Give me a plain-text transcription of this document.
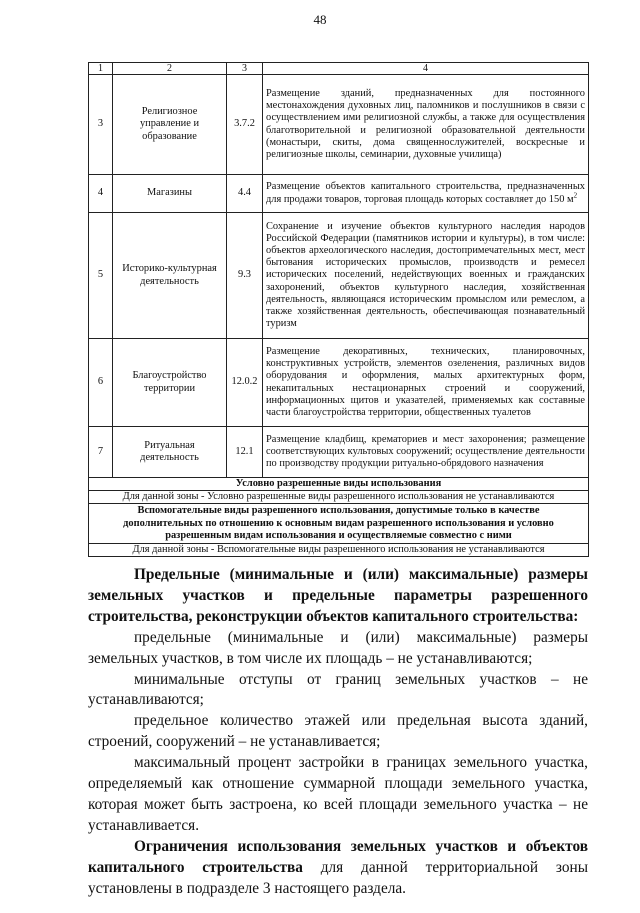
48
1	2	3	4
3	Религиозное управление и образование	3.7.2	Размещение зданий, предназначенных для постоянного местонахождения духовных лиц, паломников и послушников в связи с осуществлением ими религиозной службы, а также для осуществления благотворительной и религиозной образовательной деятельности (монастыри, скиты, дома священнослужителей, воскресные и религиозные школы, семинарии, духовные училища)
4	Магазины	4.4	Размещение объектов капитального строительства, предназначенных для продажи товаров, торговая площадь которых составляет до 150 $м^2$
5	Историко-культурная деятельность	9.3	Сохранение и изучение объектов культурного наследия народов Российской Федерации (памятников истории и культуры), в том числе: объектов археологического наследия, достопримечательных мест, мест бытования исторических промыслов, производств и ремесел исторических поселений, недействующих военных и гражданских захоронений, объектов культурного наследия, хозяйственная деятельность, являющаяся историческим промыслом или ремеслом, а также хозяйственная деятельность, обеспечивающая познавательный туризм
6	Благоустройство территории	12.0.2	Размещение декоративных, технических, планировочных, конструктивных устройств, элементов озеленения, различных видов оборудования и оформления, малых архитектурных форм, некапитальных нестационарных строений и сооружений, информационных щитов и указателей, применяемых как составные части благоустройства территории, общественных туалетов
7	Ритуальная деятельность	12.1	Размещение кладбищ, крематориев и мест захоронения; размещение соответствующих культовых сооружений; осуществление деятельности по производству продукции ритуально-обрядового назначения
Условно разрешенные виды использования			
Для данной зоны - Условно разрешенные виды разрешенного использования не устанавливаются			
Вспомогательные виды разрешенного использования, допустимые только в качестве дополнительных по отношению к основным видам разрешенного использования и условно разрешенным видам использования и осуществляемые совместно с ними			
Для данной зоны - Вспомогательные виды разрешенного использования не устанавливаются			

Предельные (минимальные и (или) максимальные) размеры земельных участков и предельные параметры разрешенного строительства, реконструкции объектов капитального строительства:

предельные (минимальные и (или) максимальные) размеры земельных участков, в том числе их площадь – не устанавливаются;

минимальные отступы от границ земельных участков – не устанавливаются;

предельное количество этажей или предельная высота зданий, строений, сооружений – не устанавливается;

максимальный процент застройки в границах земельного участка, определяемый как отношение суммарной площади земельного участка, которая может быть застроена, ко всей площади земельного участка – не устанавливается.

Ограничения использования земельных участков и объектов капитального строительства для данной территориальной зоны установлены в подразделе 3 настоящего раздела.
